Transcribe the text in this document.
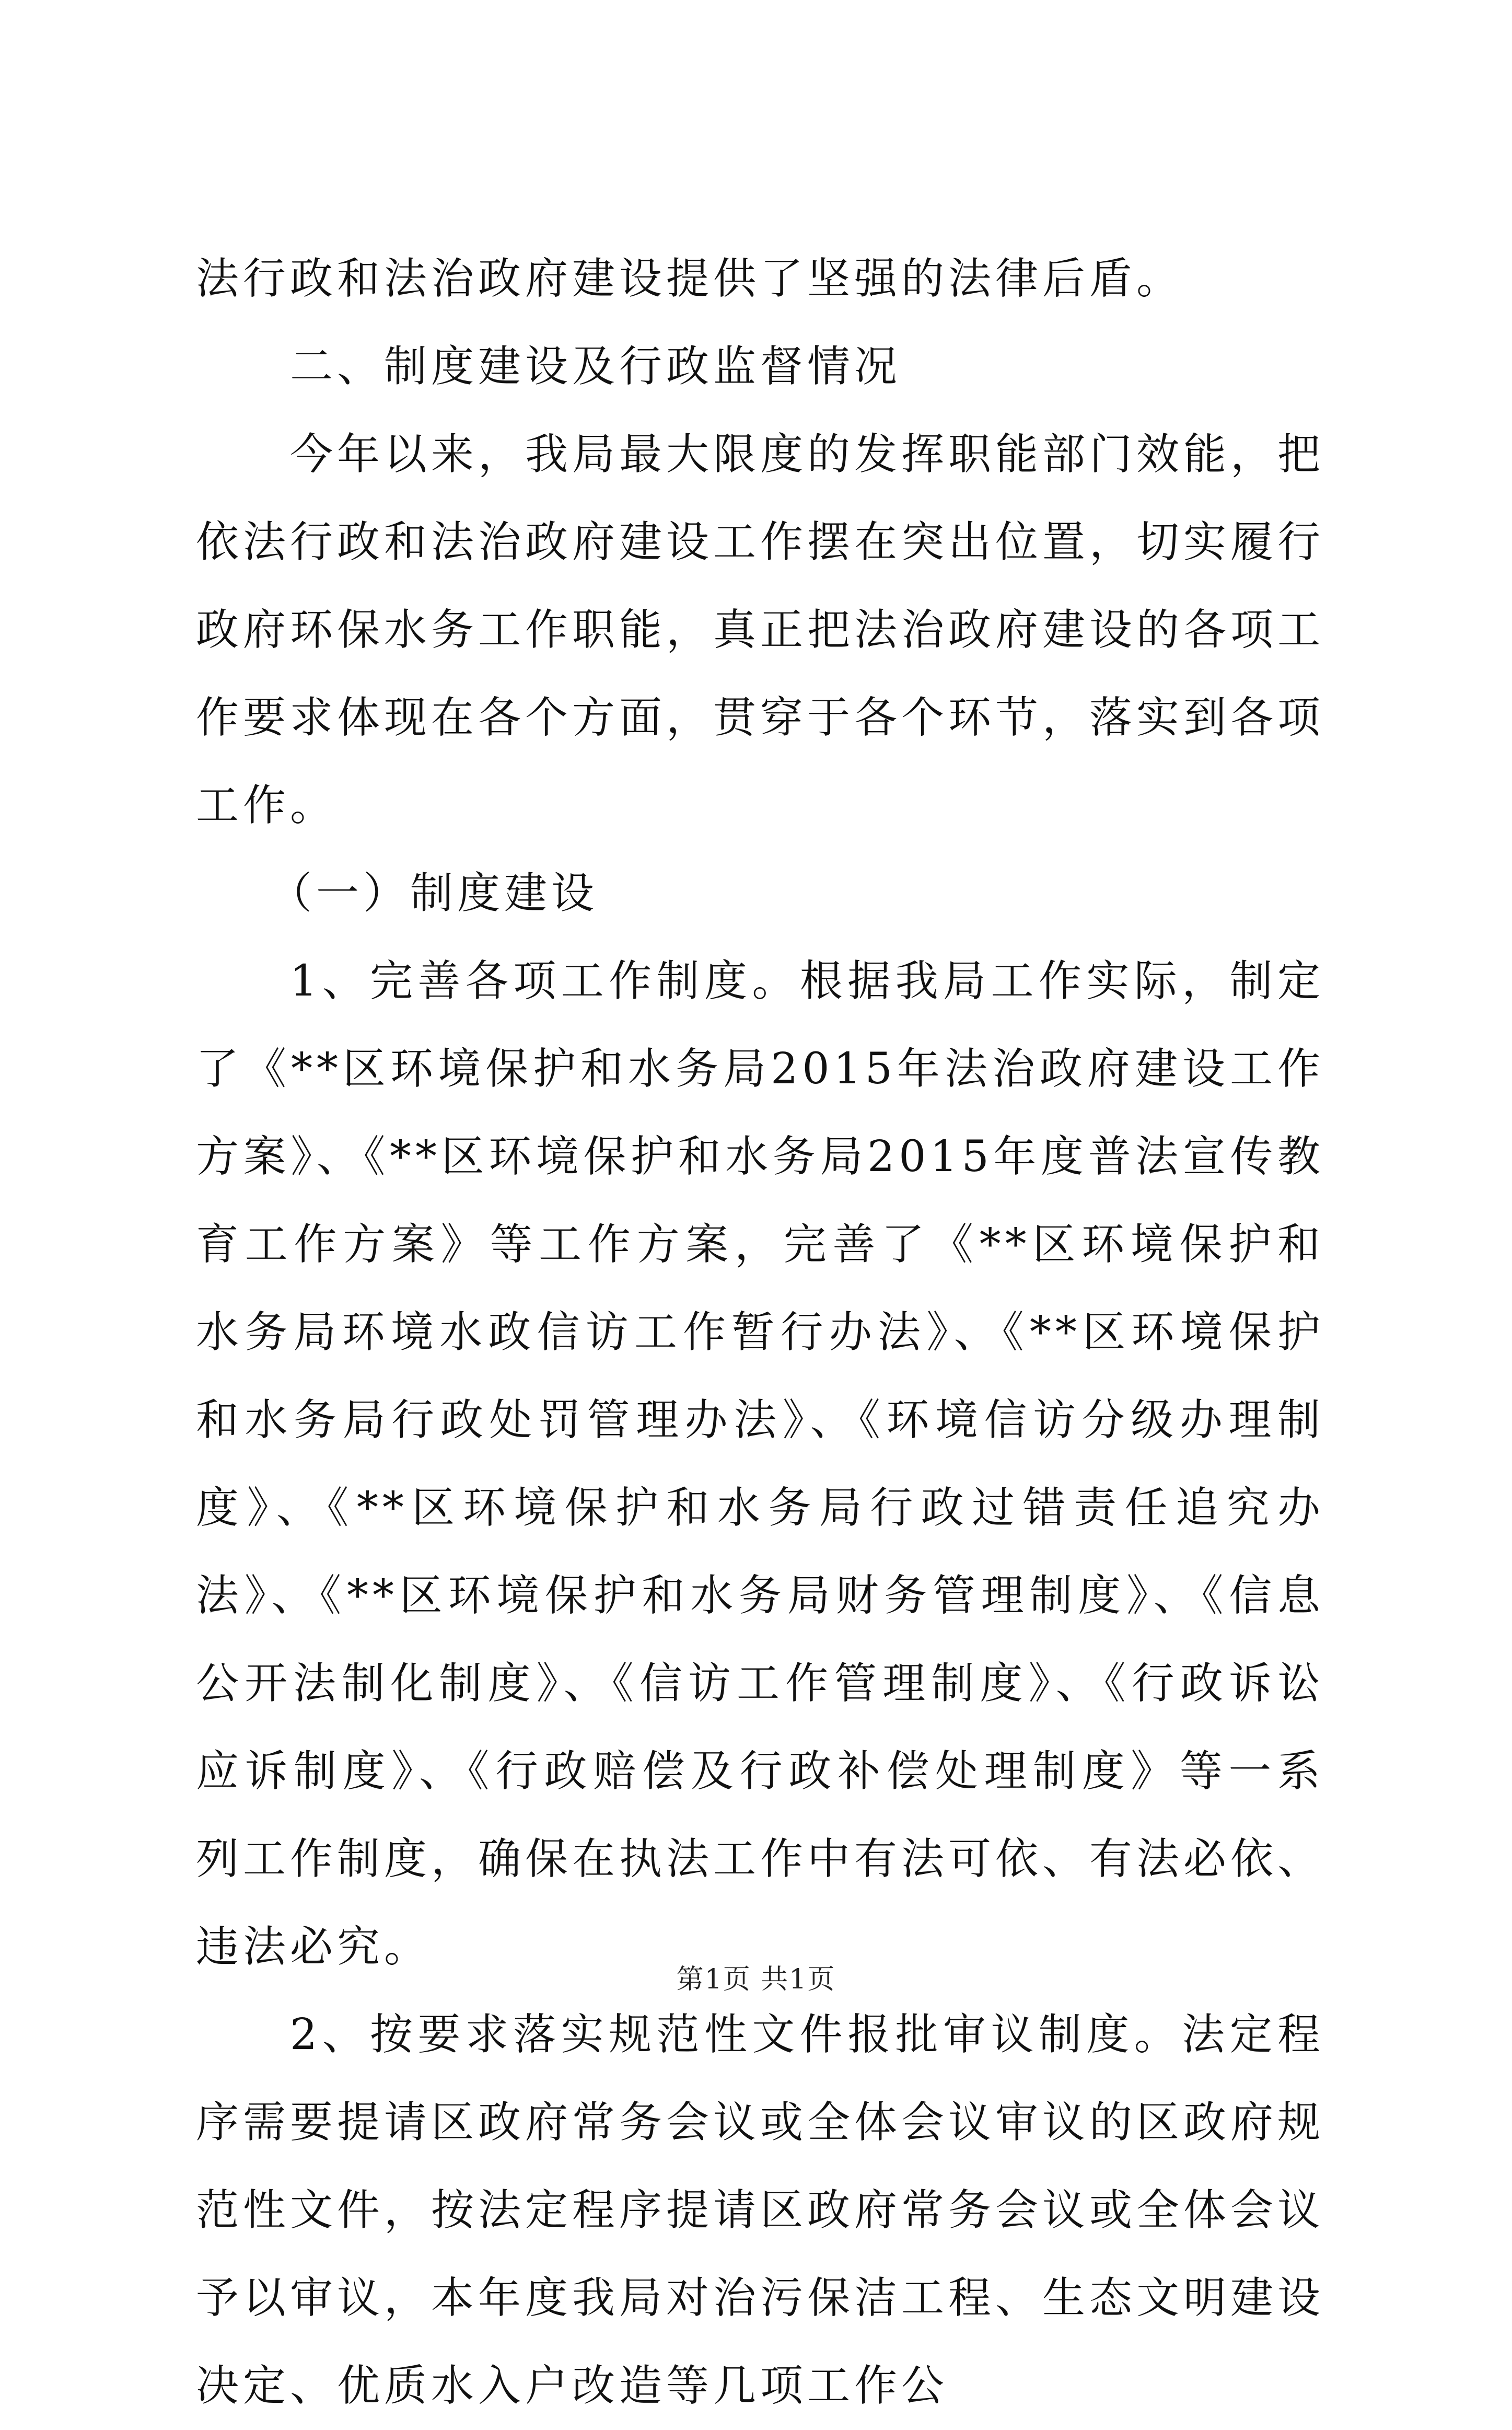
法行政和法治政府建设提供了坚强的法律后盾。

二、制度建设及行政监督情况

今年以来，我局最大限度的发挥职能部门效能，把依法行政和法治政府建设工作摆在突出位置，切实履行政府环保水务工作职能，真正把法治政府建设的各项工作要求体现在各个方面，贯穿于各个环节，落实到各项工作。

（一）制度建设

1、完善各项工作制度。根据我局工作实际，制定了《**区环境保护和水务局2015年法治政府建设工作方案》、《**区环境保护和水务局2015年度普法宣传教育工作方案》等工作方案，完善了《**区环境保护和水务局环境水政信访工作暂行办法》、《**区环境保护和水务局行政处罚管理办法》、《环境信访分级办理制度》、《**区环境保护和水务局行政过错责任追究办法》、《**区环境保护和水务局财务管理制度》、《信息公开法制化制度》、《信访工作管理制度》、《行政诉讼应诉制度》、《行政赔偿及行政补偿处理制度》等一系列工作制度，确保在执法工作中有法可依、有法必依、违法必究。

2、按要求落实规范性文件报批审议制度。法定程序需要提请区政府常务会议或全体会议审议的区政府规范性文件，按法定程序提请区政府常务会议或全体会议予以审议，本年度我局对治污保洁工程、生态文明建设决定、优质水入户改造等几项工作公

第1页 共1页
